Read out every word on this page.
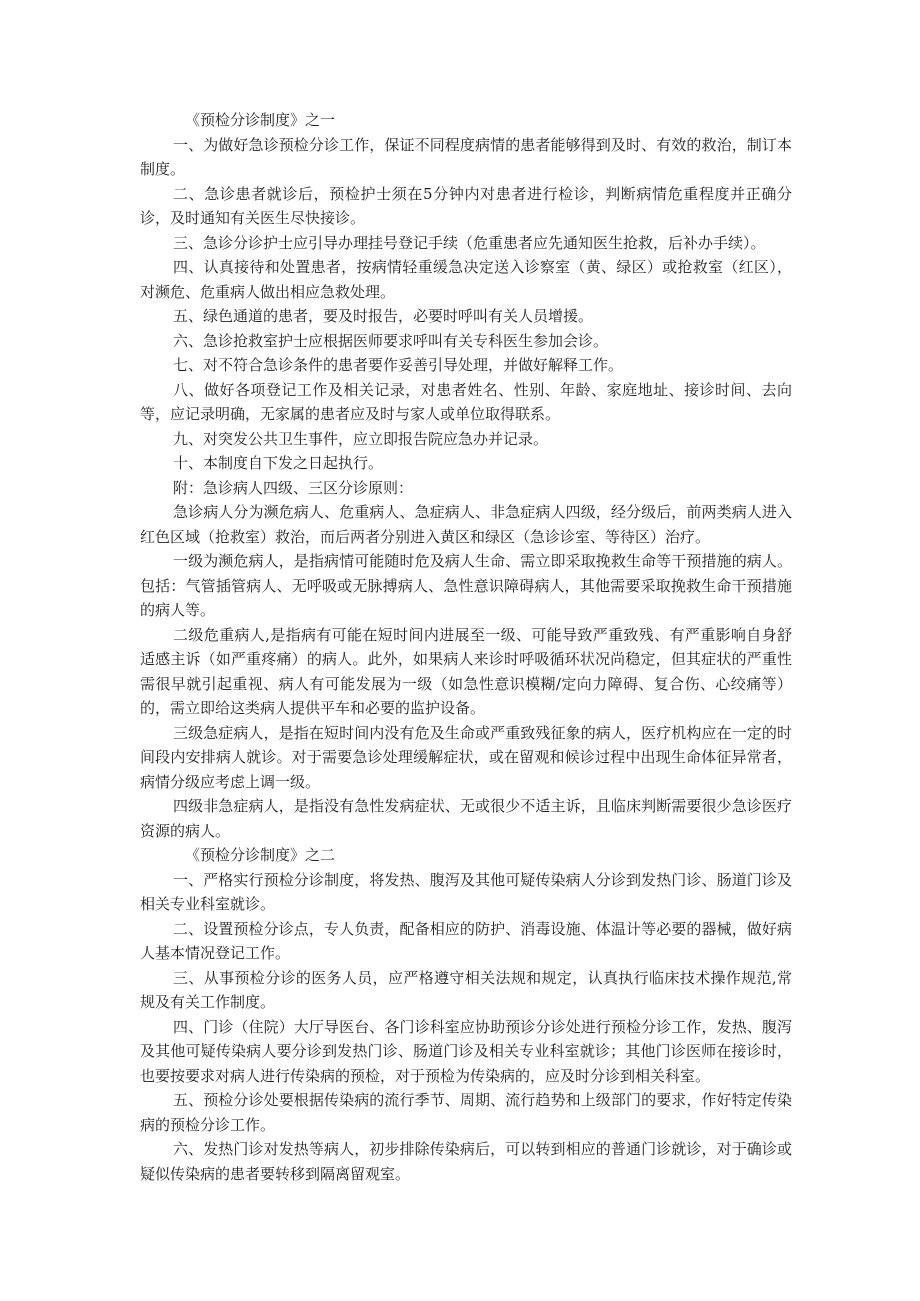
《预检分诊制度》之一

一、为做好急诊预检分诊工作，保证不同程度病情的患者能够得到及时、有效的救治，制订本制度。

二、急诊患者就诊后，预检护士须在5分钟内对患者进行检诊，判断病情危重程度并正确分诊，及时通知有关医生尽快接诊。

三、急诊分诊护士应引导办理挂号登记手续（危重患者应先通知医生抢救，后补办手续）。

四、认真接待和处置患者，按病情轻重缓急决定送入诊察室（黄、绿区）或抢救室（红区），对濒危、危重病人做出相应急救处理。

五、绿色通道的患者，要及时报告，必要时呼叫有关人员增援。

六、急诊抢救室护士应根据医师要求呼叫有关专科医生参加会诊。

七、对不符合急诊条件的患者要作妥善引导处理，并做好解释工作。

八、做好各项登记工作及相关记录，对患者姓名、性别、年龄、家庭地址、接诊时间、去向等，应记录明确，无家属的患者应及时与家人或单位取得联系。

九、对突发公共卫生事件，应立即报告院应急办并记录。

十、本制度自下发之日起执行。

附：急诊病人四级、三区分诊原则：

急诊病人分为濒危病人、危重病人、急症病人、非急症病人四级，经分级后，前两类病人进入红色区域（抢救室）救治，而后两者分别进入黄区和绿区（急诊诊室、等待区）治疗。

一级为濒危病人，是指病情可能随时危及病人生命、需立即采取挽救生命等干预措施的病人。包括：气管插管病人、无呼吸或无脉搏病人、急性意识障碍病人，其他需要采取挽救生命干预措施的病人等。

二级危重病人,是指病有可能在短时间内进展至一级、可能导致严重致残、有严重影响自身舒适感主诉（如严重疼痛）的病人。此外，如果病人来诊时呼吸循环状况尚稳定，但其症状的严重性需很早就引起重视、病人有可能发展为一级（如急性意识模糊/定向力障碍、复合伤、心绞痛等）的，需立即给这类病人提供平车和必要的监护设备。

三级急症病人，是指在短时间内没有危及生命或严重致残征象的病人，医疗机构应在一定的时间段内安排病人就诊。对于需要急诊处理缓解症状，或在留观和候诊过程中出现生命体征异常者，病情分级应考虑上调一级。

四级非急症病人，是指没有急性发病症状、无或很少不适主诉，且临床判断需要很少急诊医疗资源的病人。

《预检分诊制度》之二

一、严格实行预检分诊制度，将发热、腹泻及其他可疑传染病人分诊到发热门诊、肠道门诊及相关专业科室就诊。

二、设置预检分诊点，专人负责，配备相应的防护、消毒设施、体温计等必要的器械，做好病人基本情况登记工作。

三、从事预检分诊的医务人员，应严格遵守相关法规和规定，认真执行临床技术操作规范,常规及有关工作制度。

四、门诊（住院）大厅导医台、各门诊科室应协助预诊分诊处进行预检分诊工作，发热、腹泻及其他可疑传染病人要分诊到发热门诊、肠道门诊及相关专业科室就诊；其他门诊医师在接诊时，也要按要求对病人进行传染病的预检，对于预检为传染病的，应及时分诊到相关科室。

五、预检分诊处要根据传染病的流行季节、周期、流行趋势和上级部门的要求，作好特定传染病的预检分诊工作。

六、发热门诊对发热等病人，初步排除传染病后，可以转到相应的普通门诊就诊，对于确诊或疑似传染病的患者要转移到隔离留观室。
